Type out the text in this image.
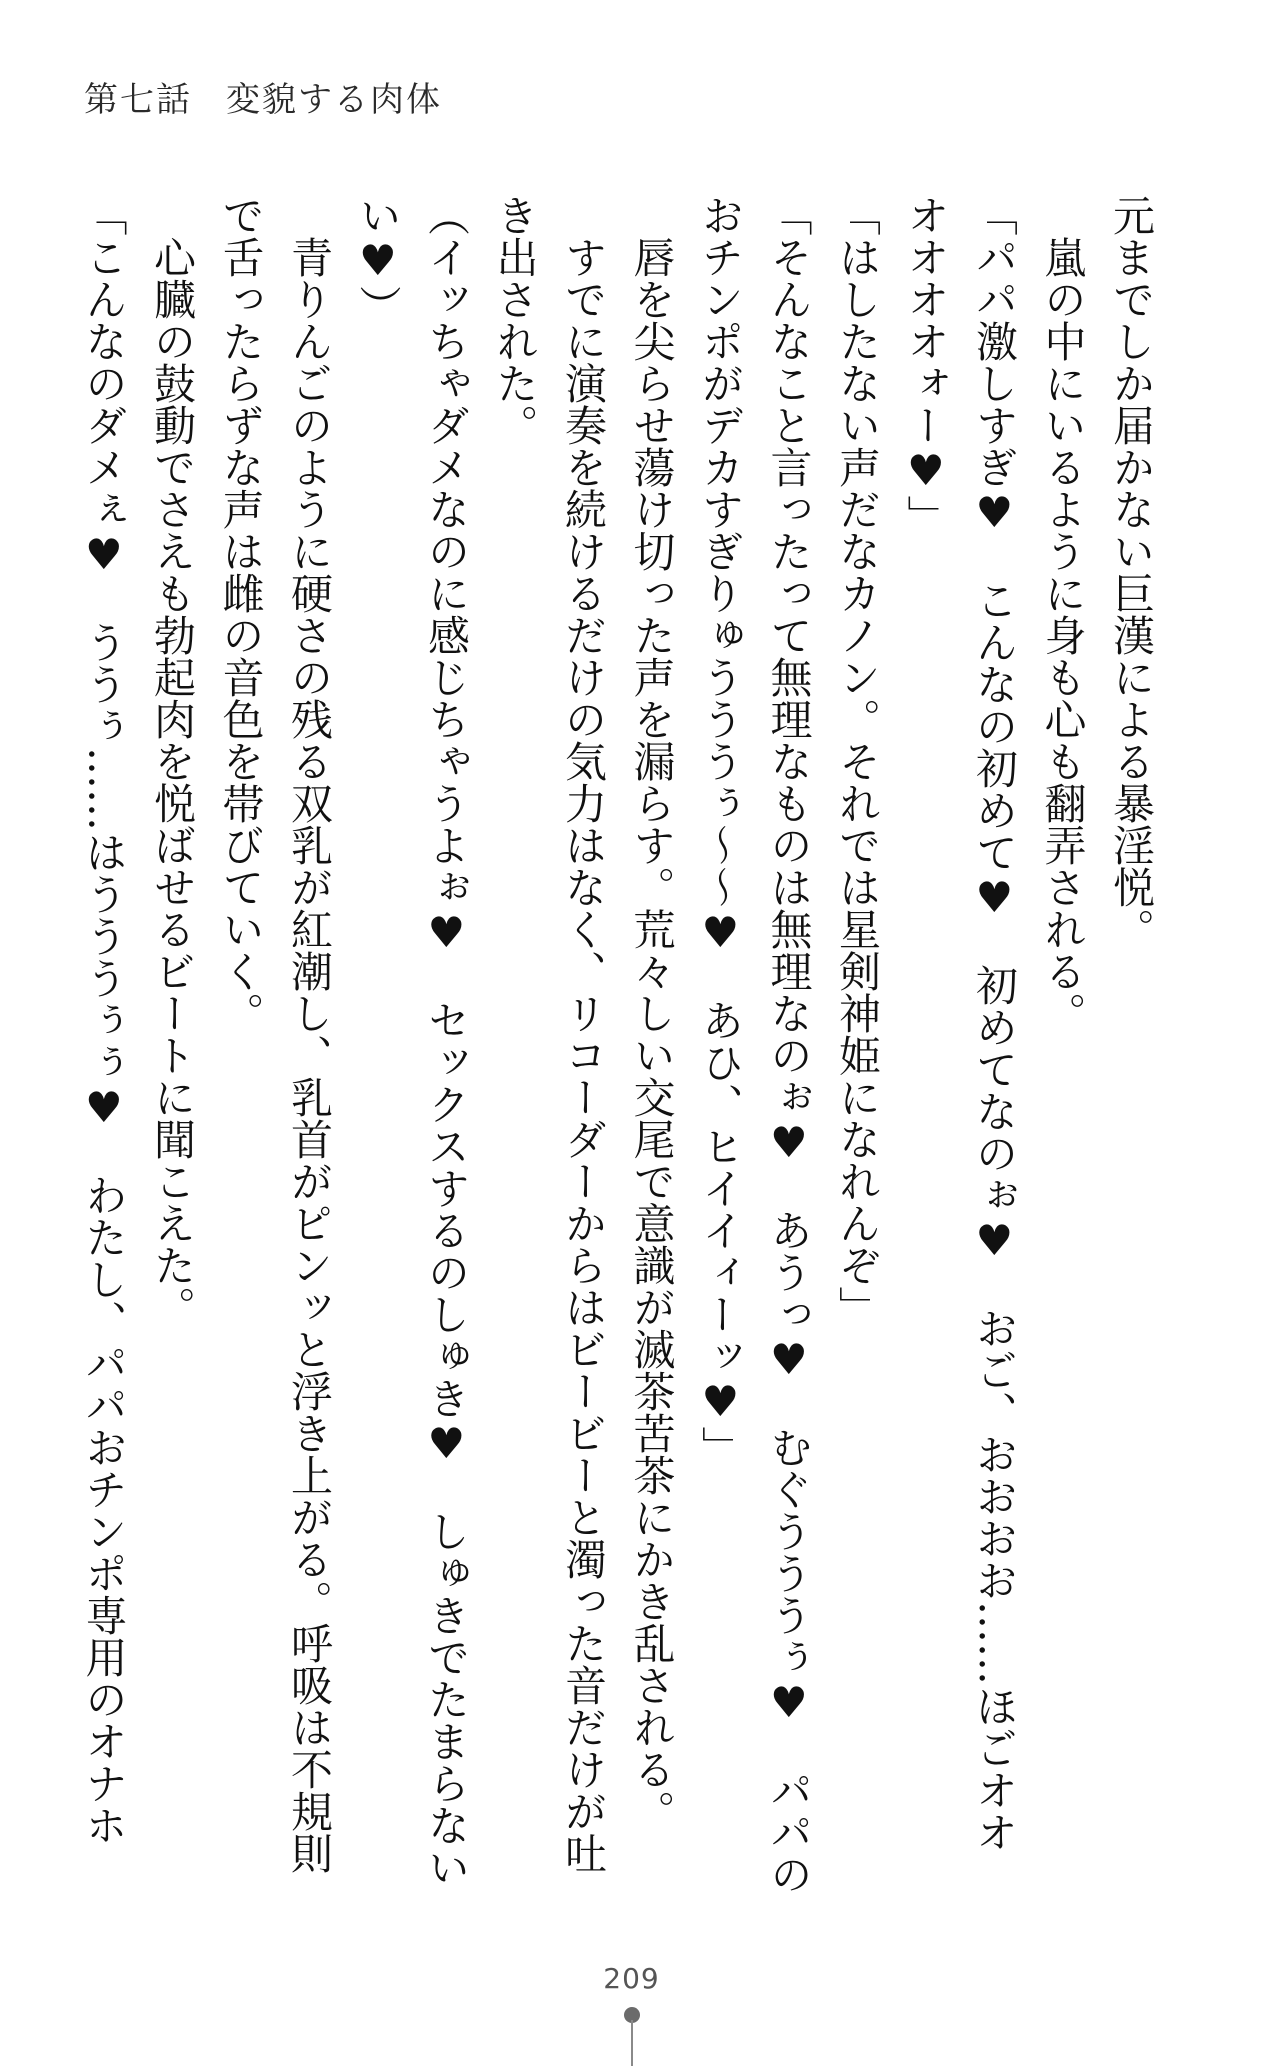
第七話 変貌する肉体
元までしか届かない巨漢による暴淫悦。
　嵐の中にいるように身も心も翻弄される。
「パパ激しすぎ♥　こんなの初めて♥　初めてなのぉ♥　おご、おおおお……ほごオオ
オオオオォー♥」
「はしたない声だなカノン。それでは星剣神姫になれんぞ」
「そんなこと言ったって無理なものは無理なのぉ♥　あうっ♥　むぐうううぅ♥　パパの
おチンポがデカすぎりゅうううぅ～～♥　あひ、ヒイイィーッ♥」
　唇を尖らせ蕩け切った声を漏らす。荒々しい交尾で意識が滅茶苦茶にかき乱される。
　すでに演奏を続けるだけの気力はなく、リコーダーからはビービーと濁った音だけが吐
き出された。
（イッちゃダメなのに感じちゃうよぉ♥　セックスするのしゅき♥　しゅきでたまらない
い♥）
　青りんごのように硬さの残る双乳が紅潮し、乳首がピンッと浮き上がる。呼吸は不規則
で舌ったらずな声は雌の音色を帯びていく。
　心臓の鼓動でさえも勃起肉を悦ばせるビートに聞こえた。
「こんなのダメぇ♥　ううぅ……はうううぅぅ♥　わたし、パパおチンポ専用のオナホ
209
